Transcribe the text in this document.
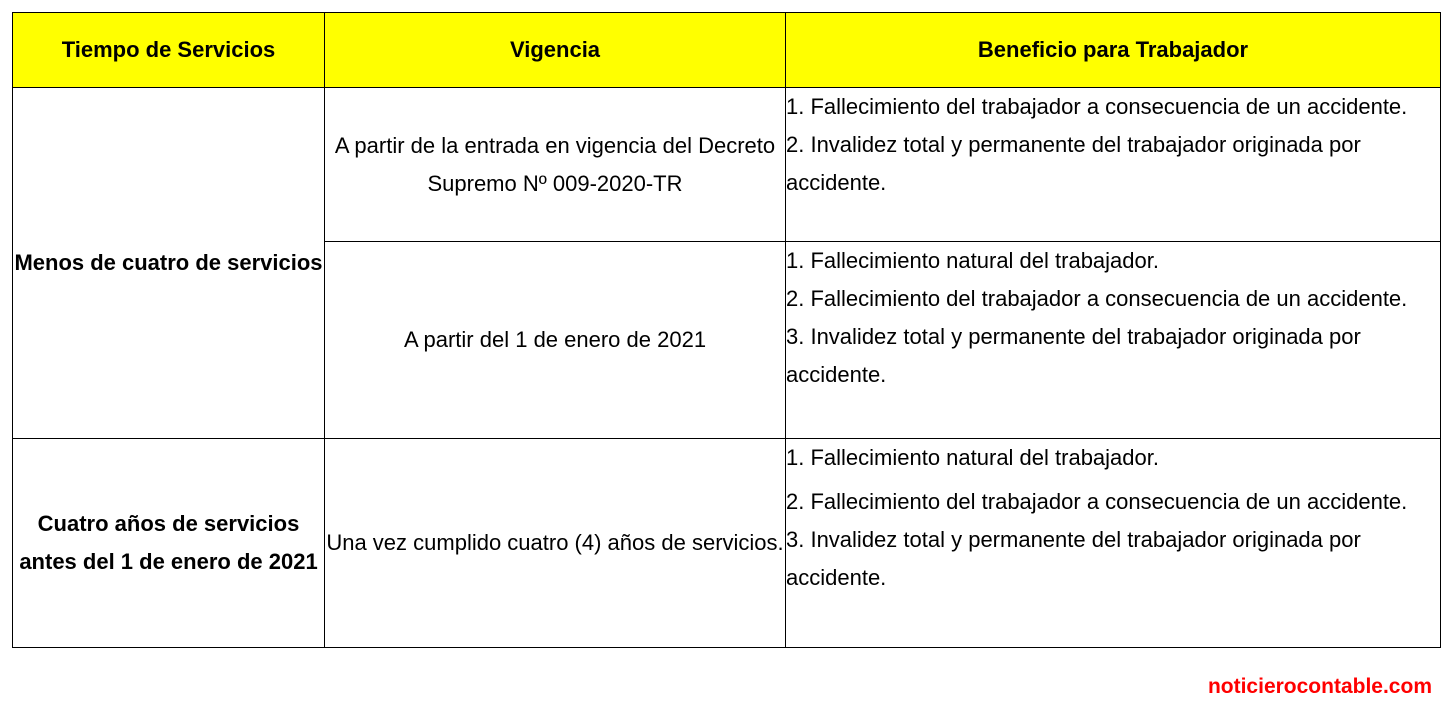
Tiempo de Servicios	Vigencia	Beneficio para Trabajador
Menos de cuatro de servicios	A partir de la entrada en vigencia del Decreto Supremo Nº 009-2020-TR	1. Fallecimiento del trabajador a consecuencia de un accidente.
2. Invalidez total y permanente del trabajador originada por accidente.

	A partir del 1 de enero de 2021	1. Fallecimiento natural del trabajador.
2. Fallecimiento del trabajador a consecuencia de un accidente.
3. Invalidez total y permanente del trabajador originada por accidente.

Cuatro años de servicios antes del 1 de enero de 2021	Una vez cumplido cuatro (4) años de servicios.	1. Fallecimiento natural del trabajador.
2. Fallecimiento del trabajador a consecuencia de un accidente.
3. Invalidez total y permanente del trabajador originada por accidente.
noticierocontable.com
